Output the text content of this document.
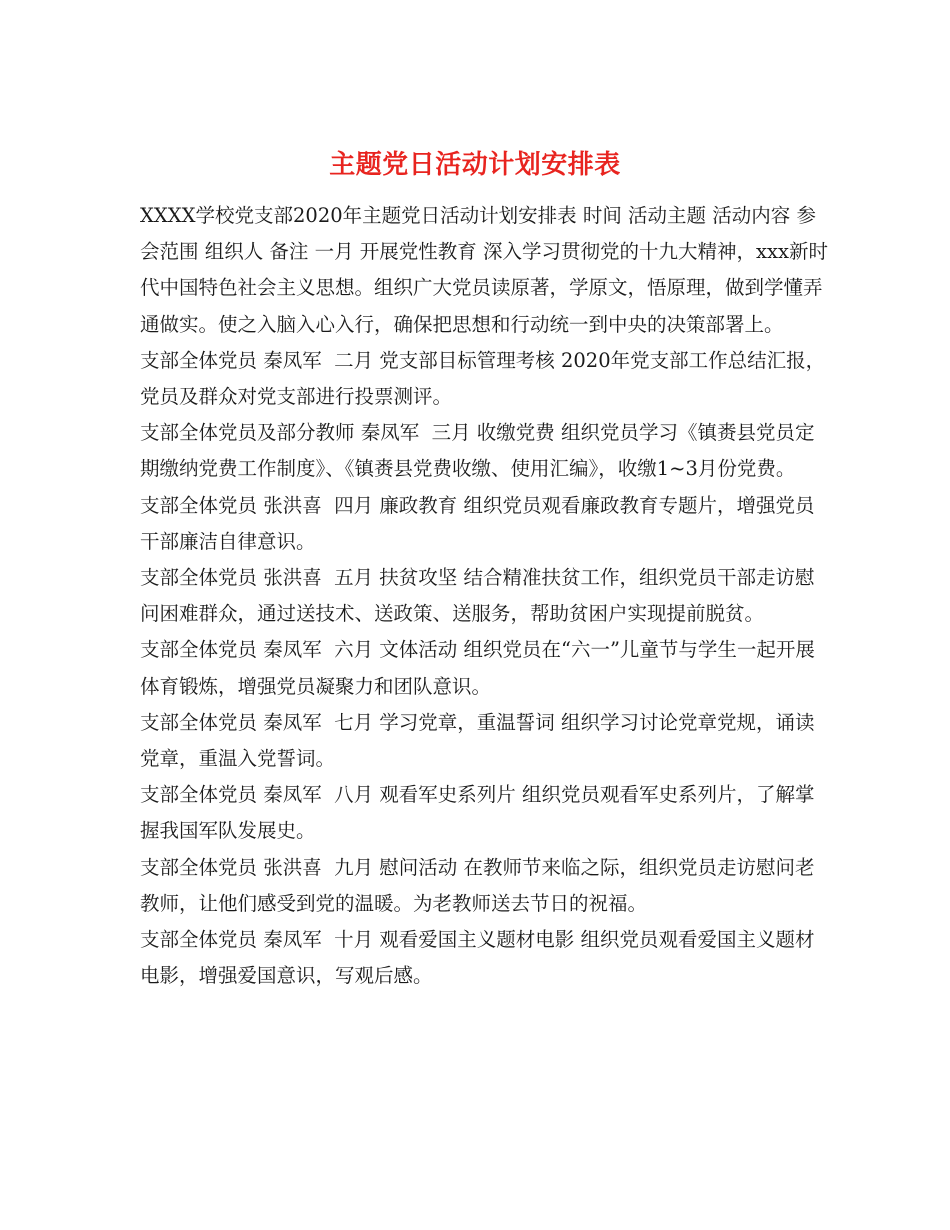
主题党日活动计划安排表

XXXX学校党支部2020年主题党日活动计划安排表 时间 活动主题 活动内容 参会范围 组织人 备注 一月 开展党性教育 深入学习贯彻党的十九大精神，xxx新时代中国特色社会主义思想。组织广大党员读原著，学原文，悟原理，做到学懂弄通做实。使之入脑入心入行，确保把思想和行动统一到中央的决策部署上。

支部全体党员 秦凤军  二月 党支部目标管理考核 2020年党支部工作总结汇报，党员及群众对党支部进行投票测评。

支部全体党员及部分教师 秦凤军  三月 收缴党费 组织党员学习《镇赉县党员定期缴纳党费工作制度》、《镇赉县党费收缴、使用汇编》，收缴1~3月份党费。

支部全体党员 张洪喜  四月 廉政教育 组织党员观看廉政教育专题片，增强党员干部廉洁自律意识。

支部全体党员 张洪喜  五月 扶贫攻坚 结合精准扶贫工作，组织党员干部走访慰问困难群众，通过送技术、送政策、送服务，帮助贫困户实现提前脱贫。

支部全体党员 秦凤军  六月 文体活动 组织党员在“六一”儿童节与学生一起开展体育锻炼，增强党员凝聚力和团队意识。

支部全体党员 秦凤军  七月 学习党章，重温誓词 组织学习讨论党章党规，诵读党章，重温入党誓词。

支部全体党员 秦凤军  八月 观看军史系列片 组织党员观看军史系列片，了解掌握我国军队发展史。

支部全体党员 张洪喜  九月 慰问活动 在教师节来临之际，组织党员走访慰问老教师，让他们感受到党的温暖。为老教师送去节日的祝福。

支部全体党员 秦凤军  十月 观看爱国主义题材电影 组织党员观看爱国主义题材电影，增强爱国意识，写观后感。
